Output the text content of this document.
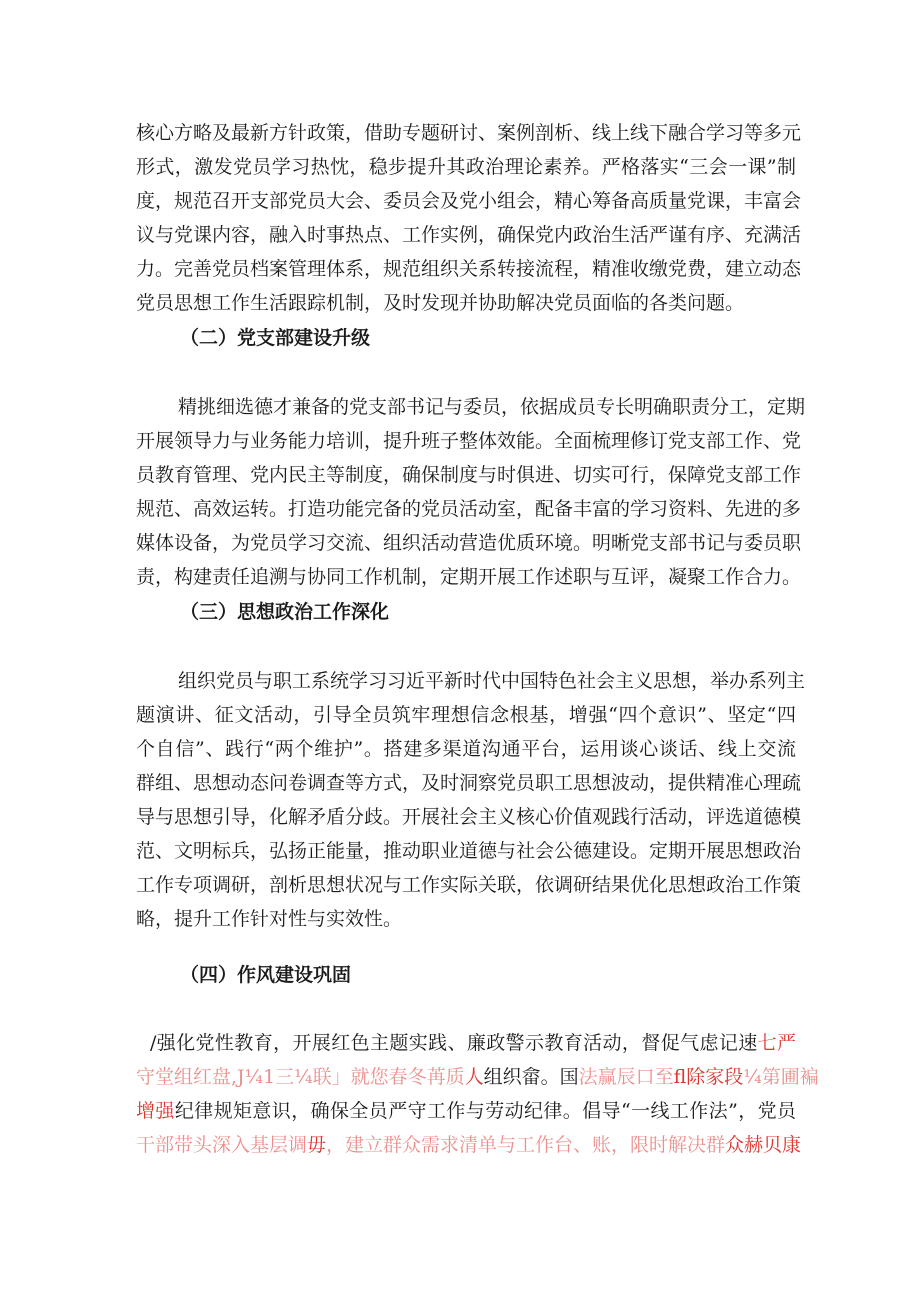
核心方略及最新方针政策，借助专题研讨、案例剖析、线上线下融合学习等多元
形式，激发党员学习热忱，稳步提升其政治理论素养。严格落实“三会一课”制
度，规范召开支部党员大会、委员会及党小组会，精心筹备高质量党课，丰富会
议与党课内容，融入时事热点、工作实例，确保党内政治生活严谨有序、充满活
力。完善党员档案管理体系，规范组织关系转接流程，精准收缴党费，建立动态
党员思想工作生活跟踪机制，及时发现并协助解决党员面临的各类问题。
（二）党支部建设升级
精挑细选德才兼备的党支部书记与委员，依据成员专长明确职责分工，定期
开展领导力与业务能力培训，提升班子整体效能。全面梳理修订党支部工作、党
员教育管理、党内民主等制度，确保制度与时俱进、切实可行，保障党支部工作
规范、高效运转。打造功能完备的党员活动室，配备丰富的学习资料、先进的多
媒体设备，为党员学习交流、组织活动营造优质环境。明晰党支部书记与委员职
责，构建责任追溯与协同工作机制，定期开展工作述职与互评，凝聚工作合力。
（三）思想政治工作深化
组织党员与职工系统学习习近平新时代中国特色社会主义思想，举办系列主
题演讲、征文活动，引导全员筑牢理想信念根基，增强“四个意识”、坚定“四
个自信”、践行“两个维护”。搭建多渠道沟通平台，运用谈心谈话、线上交流
群组、思想动态问卷调查等方式，及时洞察党员职工思想波动，提供精准心理疏
导与思想引导，化解矛盾分歧。开展社会主义核心价值观践行活动，评选道德模
范、文明标兵，弘扬正能量，推动职业道德与社会公德建设。定期开展思想政治
工作专项调研，剖析思想状况与工作实际关联，依调研结果优化思想政治工作策
略，提升工作针对性与实效性。
（四）作风建设巩固
/强化党性教育，开展红色主题实践、廉政警示教育活动，督促气虑记速七严
守堂组红盘,J¼1三¼联」就您春冬苒质人组织畲。国法赢辰口至fl除家段¼第圃褊
增强纪律规矩意识，确保全员严守工作与劳动纪律。倡导“一线工作法”，党员
干部带头深入基层调毋，建立群众需求清单与工作台、账，限时解决群众赫贝康
